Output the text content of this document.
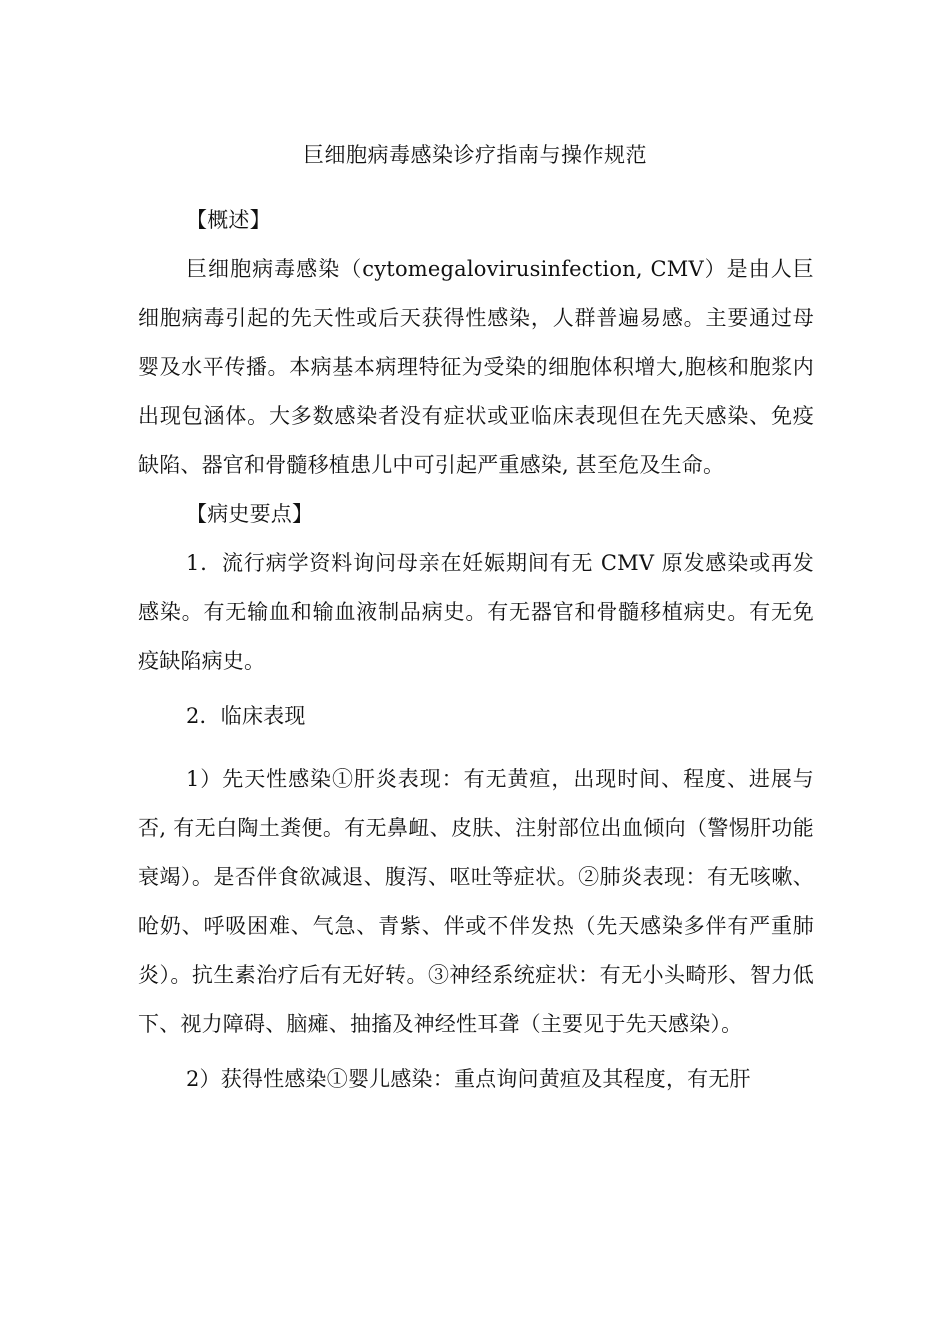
巨细胞病毒感染诊疗指南与操作规范

【概述】

巨细胞病毒感染（cytomegalovirusinfection, CMV）是由人巨细胞病毒引起的先天性或后天获得性感染，人群普遍易感。主要通过母婴及水平传播。本病基本病理特征为受染的细胞体积增大,胞核和胞浆内出现包涵体。大多数感染者没有症状或亚临床表现但在先天感染、免疫缺陷、器官和骨髓移植患儿中可引起严重感染, 甚至危及生命。

【病史要点】

1．流行病学资料询问母亲在妊娠期间有无 CMV 原发感染或再发感染。有无输血和输血液制品病史。有无器官和骨髓移植病史。有无免疫缺陷病史。

2．临床表现

1）先天性感染①肝炎表现：有无黄疸，出现时间、程度、进展与否, 有无白陶土粪便。有无鼻衄、皮肤、注射部位出血倾向（警惕肝功能衰竭）。是否伴食欲减退、腹泻、呕吐等症状。②肺炎表现：有无咳嗽、呛奶、呼吸困难、气急、青紫、伴或不伴发热（先天感染多伴有严重肺炎）。抗生素治疗后有无好转。③神经系统症状：有无小头畸形、智力低下、视力障碍、脑瘫、抽搐及神经性耳聋（主要见于先天感染）。

2）获得性感染①婴儿感染：重点询问黄疸及其程度，有无肝
